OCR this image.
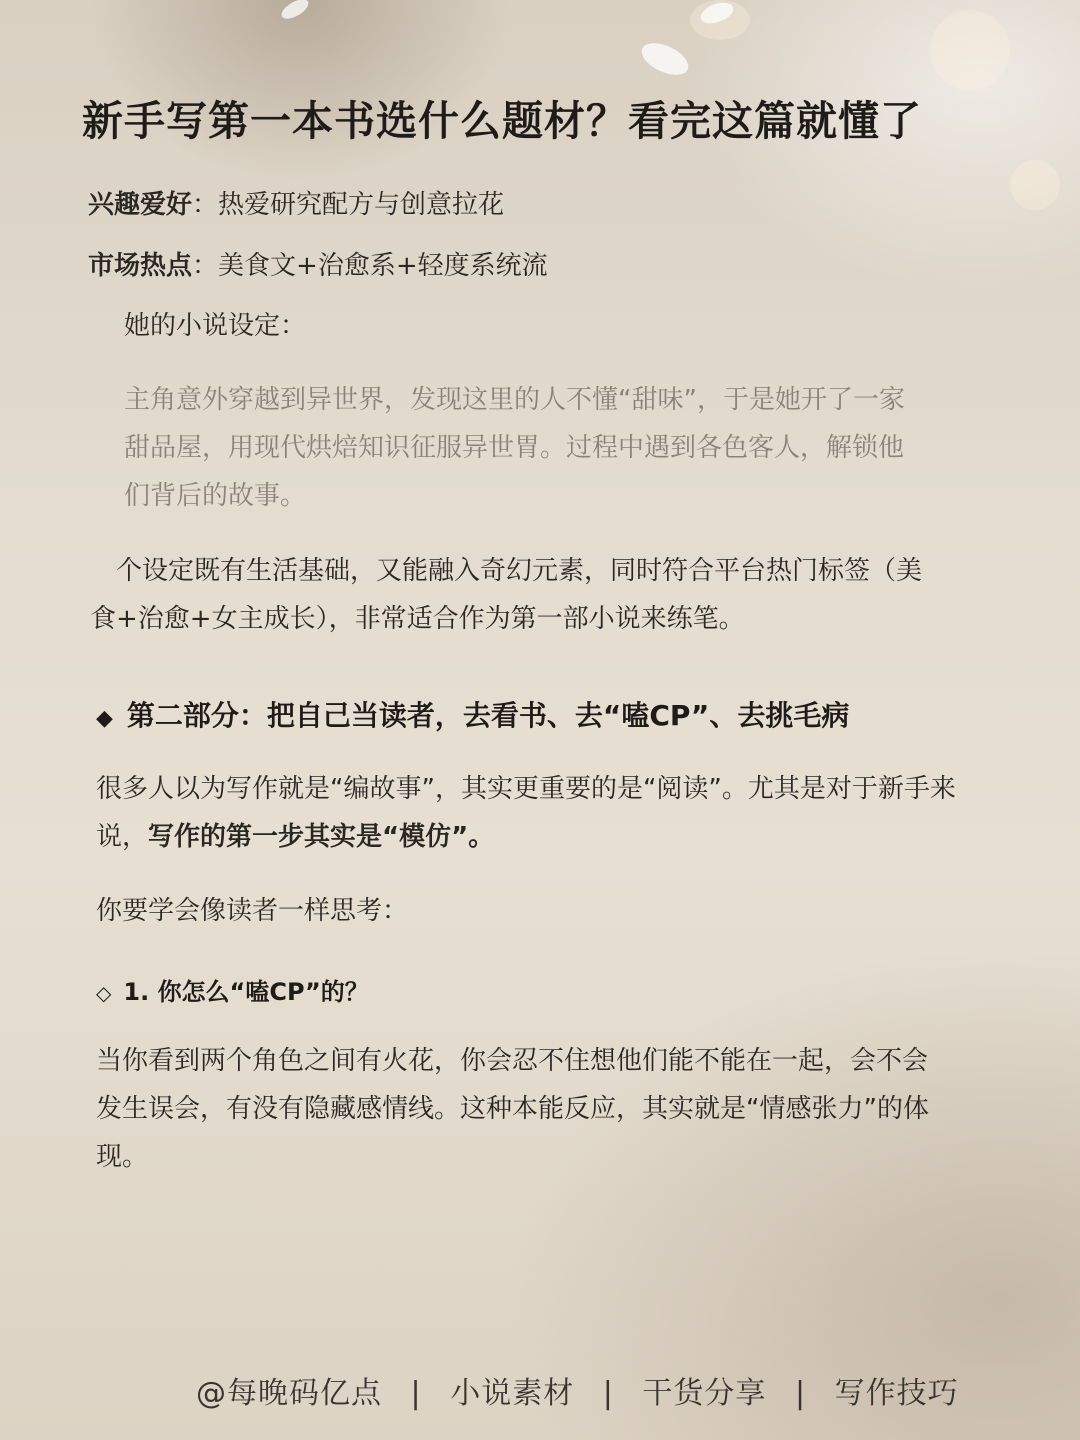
新手写第一本书选什么题材？看完这篇就懂了
兴趣爱好：热爱研究配方与创意拉花
市场热点：美食文+治愈系+轻度系统流
她的小说设定：
主角意外穿越到异世界，发现这里的人不懂“甜味”，于是她开了一家
甜品屋，用现代烘焙知识征服异世胃。过程中遇到各色客人，解锁他
们背后的故事。
个设定既有生活基础，又能融入奇幻元素，同时符合平台热门标签（美
食+治愈+女主成长），非常适合作为第一部小说来练笔。
◆ 第二部分：把自己当读者，去看书、去“嗑CP”、去挑毛病
很多人以为写作就是“编故事”，其实更重要的是“阅读”。尤其是对于新手来
说，写作的第一步其实是“模仿”。
你要学会像读者一样思考：
◇ 1. 你怎么“嗑CP”的？
当你看到两个角色之间有火花，你会忍不住想他们能不能在一起，会不会
发生误会，有没有隐藏感情线。这种本能反应，其实就是“情感张力”的体
现。
@每晚码亿点 | 小说素材 | 干货分享 | 写作技巧
